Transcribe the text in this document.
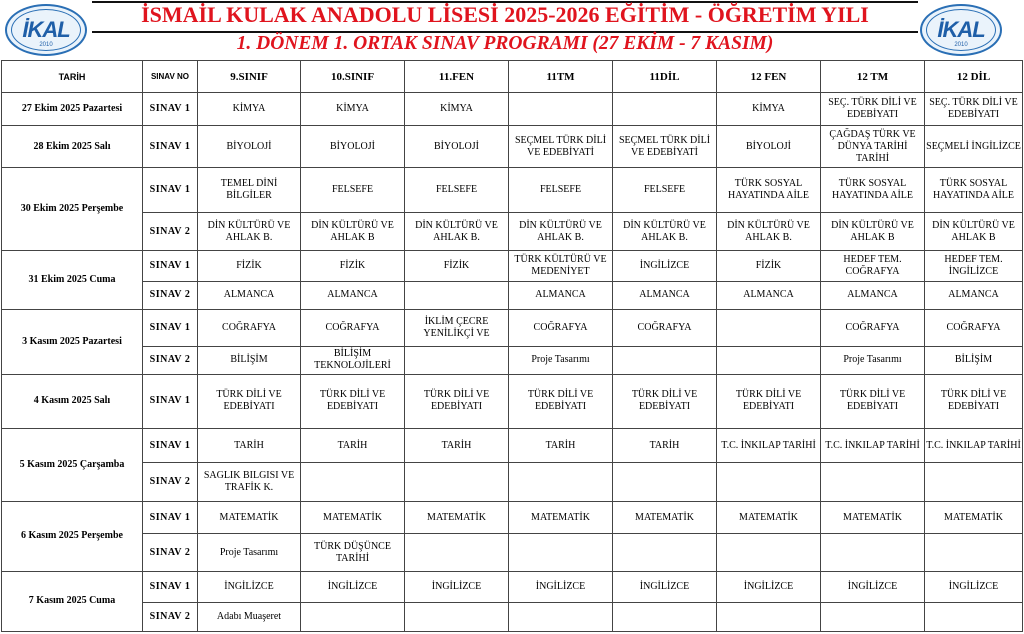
İKAL
2010
İSMAİL KULAK ANADOLU LİSESİ 2025-2026 EĞİTİM - ÖĞRETİM YILI
1. DÖNEM 1. ORTAK SINAV PROGRAMI (27 EKİM - 7 KASIM)
İKAL
2010
TARİH	SINAV NO	9.SINIF	10.SINIF	11.FEN	11TM	11DİL	12 FEN	12 TM	12 DİL
27 Ekim 2025 Pazartesi	SINAV 1	KİMYA	KİMYA	KİMYA			KİMYA	SEÇ. TÜRK DİLİ VE EDEBİYATI	SEÇ. TÜRK DİLİ VE EDEBİYATI
28 Ekim 2025 Salı	SINAV 1	BİYOLOJİ	BİYOLOJİ	BİYOLOJİ	SEÇMEL TÜRK DİLİ VE EDEBİYATİ	SEÇMEL TÜRK DİLİ VE EDEBİYATİ	BİYOLOJİ	ÇAĞDAŞ TÜRK VE DÜNYA TARİHİ TARİHİ	SEÇMELİ İNGİLİZCE
30 Ekim 2025 Perşembe	SINAV 1	TEMEL DİNİ BİLGİLER	FELSEFE	FELSEFE	FELSEFE	FELSEFE	TÜRK SOSYAL HAYATINDA AİLE	TÜRK SOSYAL HAYATINDA AİLE	TÜRK SOSYAL HAYATINDA AİLE
	SINAV 2	DİN KÜLTÜRÜ VE AHLAK B.	DİN KÜLTÜRÜ VE AHLAK B	DİN KÜLTÜRÜ VE AHLAK B.	DİN KÜLTÜRÜ VE AHLAK B.	DİN KÜLTÜRÜ VE AHLAK B.	DİN KÜLTÜRÜ VE AHLAK B.	DİN KÜLTÜRÜ VE AHLAK B	DİN KÜLTÜRÜ VE AHLAK B
31 Ekim 2025 Cuma	SINAV 1	FİZİK	FİZİK	FİZİK	TÜRK KÜLTÜRÜ VE MEDENİYET	İNGİLİZCE	FİZİK	HEDEF TEM. COĞRAFYA	HEDEF TEM. İNGİLİZCE
	SINAV 2	ALMANCA	ALMANCA		ALMANCA	ALMANCA	ALMANCA	ALMANCA	ALMANCA
3 Kasım 2025 Pazartesi	SINAV 1	COĞRAFYA	COĞRAFYA	İKLİM ÇECRE YENİLİKÇİ VE	COĞRAFYA	COĞRAFYA		COĞRAFYA	COĞRAFYA
	SINAV 2	BİLİŞİM	BİLİŞİM TEKNOLOJİLERİ		Proje Tasarımı			Proje Tasarımı	BİLİŞİM
4 Kasım 2025 Salı	SINAV 1	TÜRK DİLİ VE EDEBİYATI	TÜRK DİLİ VE EDEBİYATI	TÜRK DİLİ VE EDEBİYATI	TÜRK DİLİ VE EDEBİYATI	TÜRK DİLİ VE EDEBİYATI	TÜRK DİLİ VE EDEBİYATI	TÜRK DİLİ VE EDEBİYATI	TÜRK DİLİ VE EDEBİYATI
5 Kasım 2025 Çarşamba	SINAV 1	TARİH	TARİH	TARİH	TARİH	TARİH	T.C. İNKILAP TARİHİ	T.C. İNKILAP TARİHİ	T.C. İNKILAP TARİHİ
	SINAV 2	SAGLIK BILGISI VE TRAFİK K.							
6 Kasım 2025 Perşembe	SINAV 1	MATEMATİK	MATEMATİK	MATEMATİK	MATEMATİK	MATEMATİK	MATEMATİK	MATEMATİK	MATEMATİK
	SINAV 2	Proje Tasarımı	TÜRK DÜŞÜNCE TARİHİ						
7 Kasım 2025 Cuma	SINAV 1	İNGİLİZCE	İNGİLİZCE	İNGİLİZCE	İNGİLİZCE	İNGİLİZCE	İNGİLİZCE	İNGİLİZCE	İNGİLİZCE
	SINAV 2	Adabı Muaşeret							
